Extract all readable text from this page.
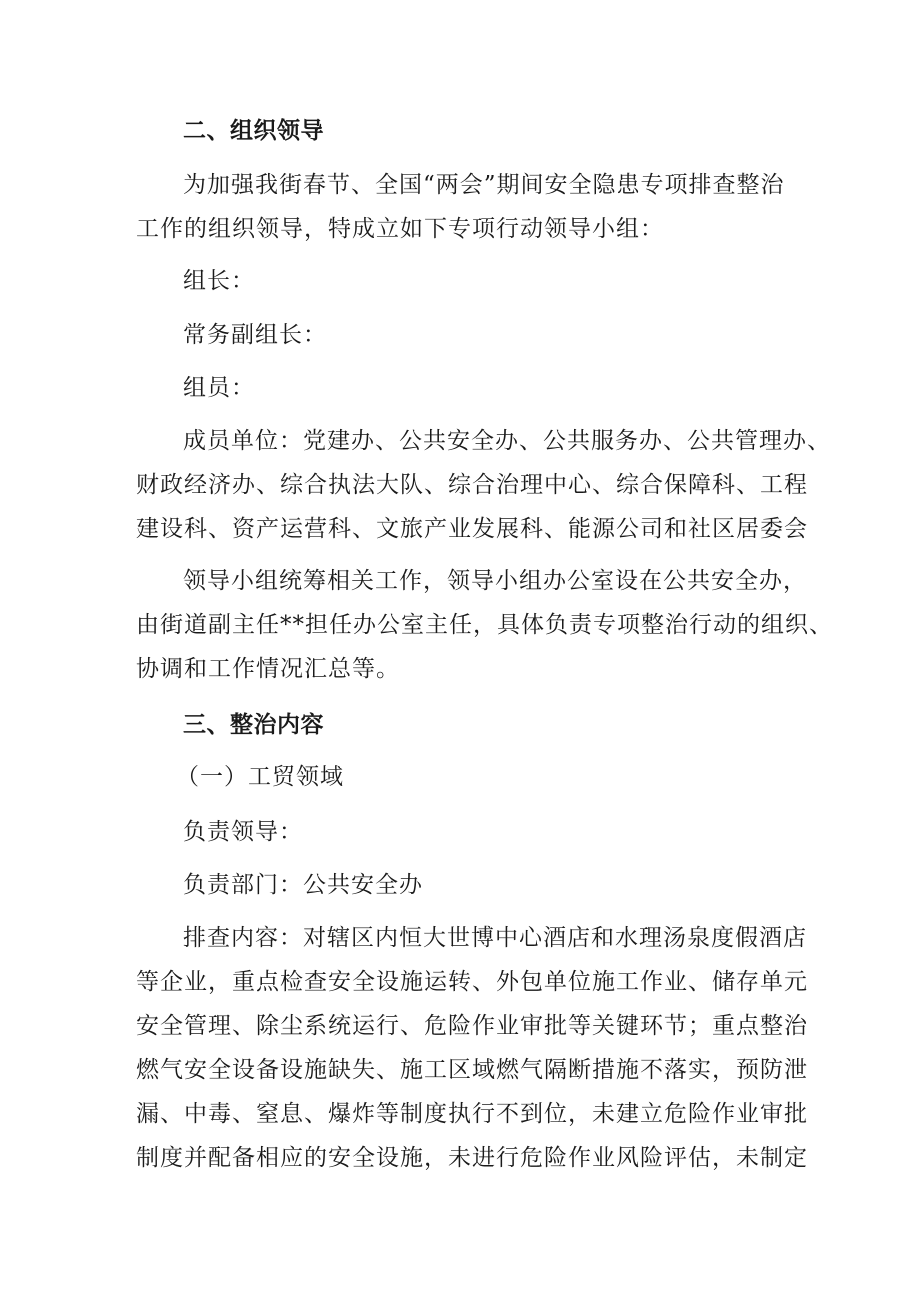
二、组织领导
为加强我街春节、全国“两会”期间安全隐患专项排查整治
工作的组织领导，特成立如下专项行动领导小组：
组长：
常务副组长：
组员：
成员单位：党建办、公共安全办、公共服务办、公共管理办、
财政经济办、综合执法大队、综合治理中心、综合保障科、工程
建设科、资产运营科、文旅产业发展科、能源公司和社区居委会
领导小组统筹相关工作，领导小组办公室设在公共安全办，
由街道副主任**担任办公室主任，具体负责专项整治行动的组织、
协调和工作情况汇总等。
三、整治内容
（一）工贸领域
负责领导：
负责部门：公共安全办
排查内容：对辖区内恒大世博中心酒店和水理汤泉度假酒店
等企业，重点检查安全设施运转、外包单位施工作业、储存单元
安全管理、除尘系统运行、危险作业审批等关键环节；重点整治
燃气安全设备设施缺失、施工区域燃气隔断措施不落实，预防泄
漏、中毒、窒息、爆炸等制度执行不到位，未建立危险作业审批
制度并配备相应的安全设施，未进行危险作业风险评估，未制定
